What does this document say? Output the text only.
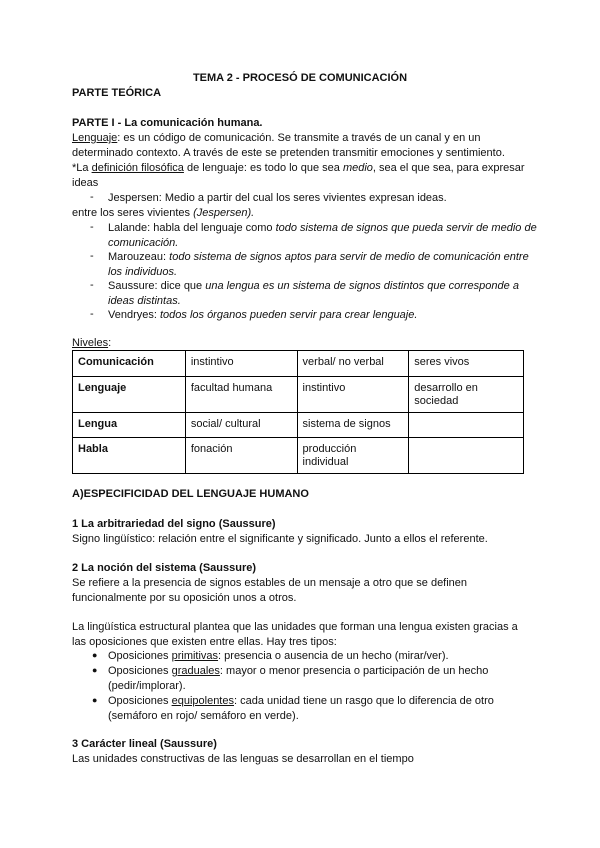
TEMA 2 - PROCESÓ DE COMUNICACIÓN
PARTE TEÓRICA
PARTE I - La comunicación humana.
Lenguaje: es un código de comunicación. Se transmite a través de un canal y en un determinado contexto. A través de este se pretenden transmitir emociones y sentimiento.
*La definición filosófica de lenguaje: es todo lo que sea medio, sea el que sea, para expresar ideas
- Jespersen: Medio a partir del cual los seres vivientes expresan ideas.
entre los seres vivientes (Jespersen).
- Lalande: habla del lenguaje como todo sistema de signos que pueda servir de medio de comunicación.
- Marouzeau: todo sistema de signos aptos para servir de medio de comunicación entre los individuos.
- Saussure: dice que una lengua es un sistema de signos distintos que corresponde a ideas distintas.
- Vendryes: todos los órganos pueden servir para crear lenguaje.
Niveles:
Comunicación	instintivo	verbal/ no verbal	seres vivos
Lenguaje	facultad humana	instintivo	desarrollo en sociedad
Lengua	social/ cultural	sistema de signos	
Habla	fonación	producción individual	
A)ESPECIFICIDAD DEL LENGUAJE HUMANO
1 La arbitrariedad del signo (Saussure)
Signo lingüístico: relación entre el significante y significado. Junto a ellos el referente.
2 La noción del sistema (Saussure)
Se refiere a la presencia de signos estables de un mensaje a otro que se definen funcionalmente por su oposición unos a otros.
La lingüística estructural plantea que las unidades que forman una lengua existen gracias a las oposiciones que existen entre ellas. Hay tres tipos:
● Oposiciones primitivas: presencia o ausencia de un hecho (mirar/ver).
● Oposiciones graduales: mayor o menor presencia o participación de un hecho (pedir/implorar).
● Oposiciones equipolentes: cada unidad tiene un rasgo que lo diferencia de otro (semáforo en rojo/ semáforo en verde).
3 Carácter lineal (Saussure)
Las unidades constructivas de las lenguas se desarrollan en el tiempo
